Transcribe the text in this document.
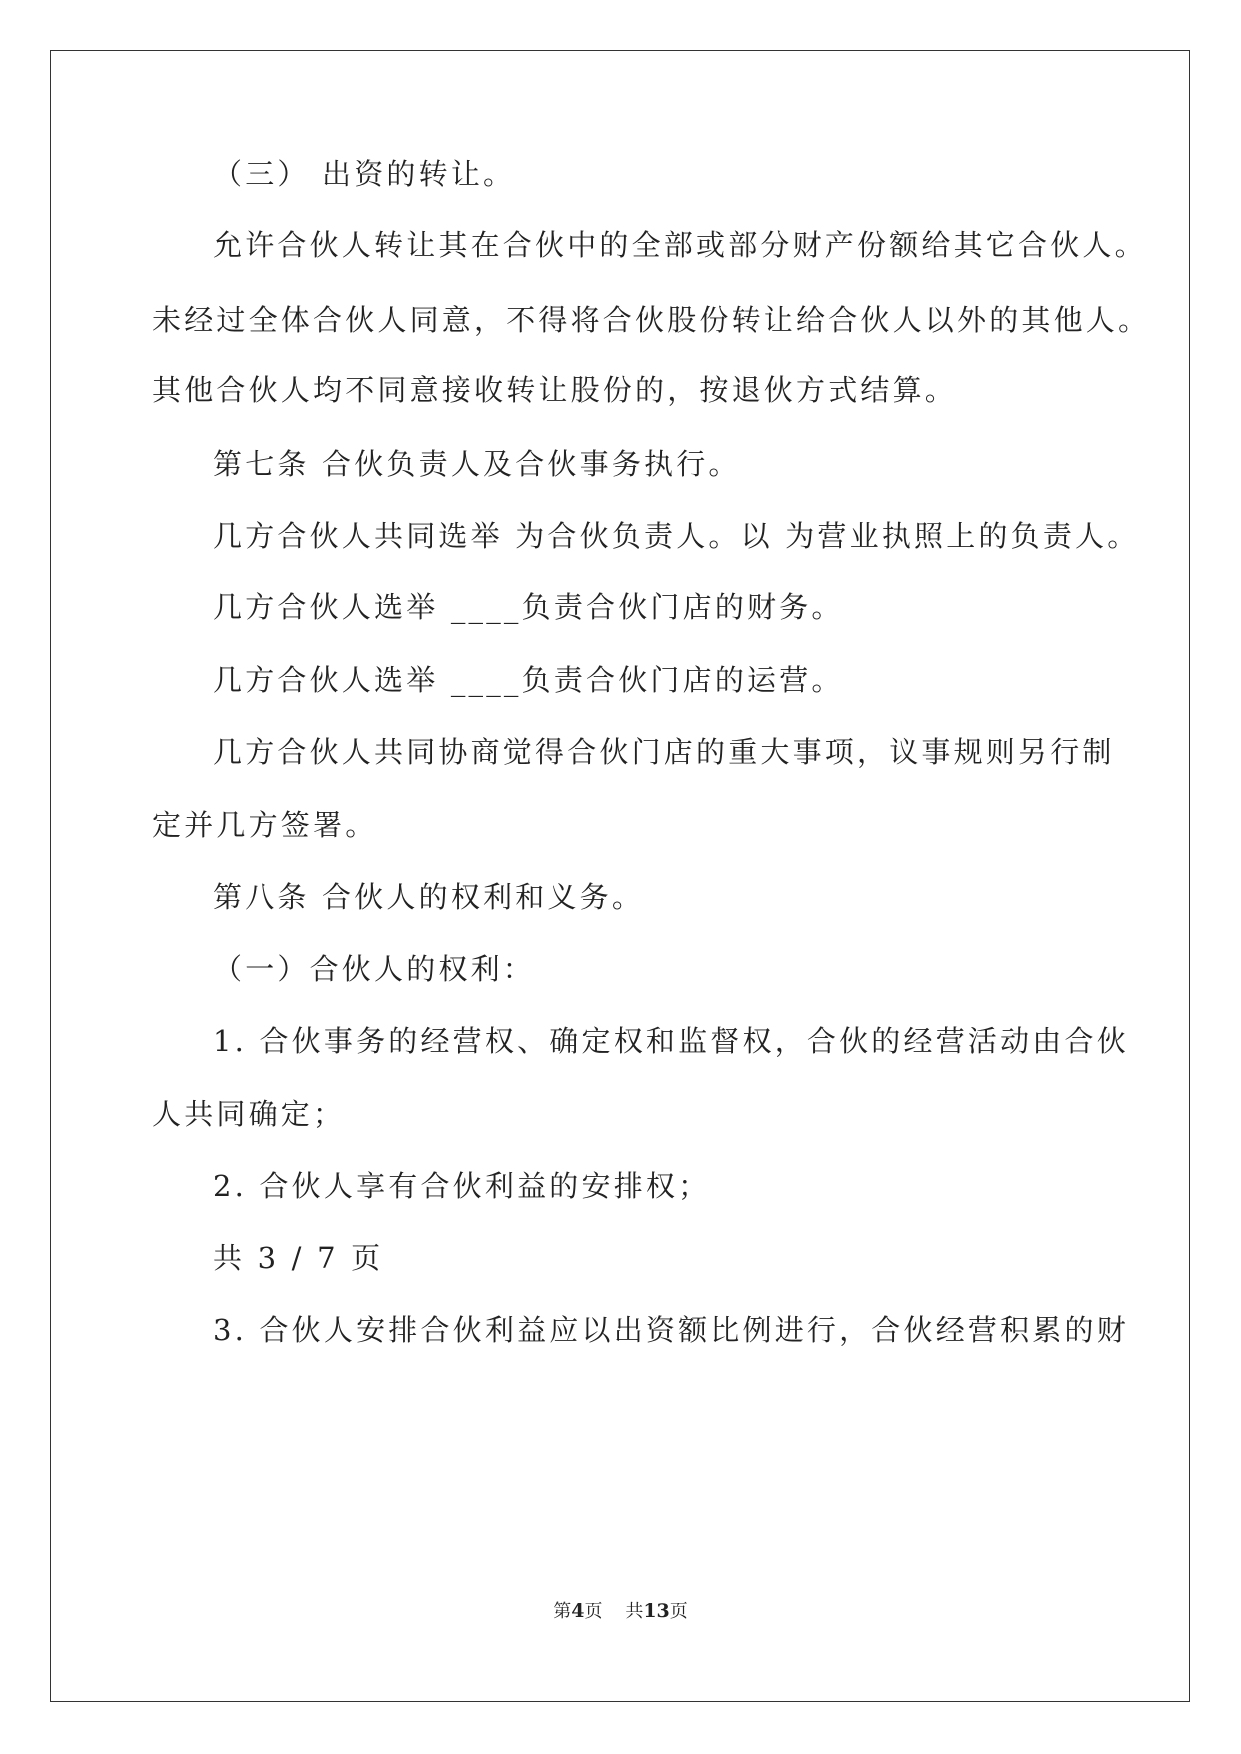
（三） 出资的转让。
允许合伙人转让其在合伙中的全部或部分财产份额给其它合伙人。
未经过全体合伙人同意，不得将合伙股份转让给合伙人以外的其他人。
其他合伙人均不同意接收转让股份的，按退伙方式结算。
第七条 合伙负责人及合伙事务执行。
几方合伙人共同选举 为合伙负责人。以 为营业执照上的负责人。
几方合伙人选举 ____负责合伙门店的财务。
几方合伙人选举 ____负责合伙门店的运营。
几方合伙人共同协商觉得合伙门店的重大事项，议事规则另行制
定并几方签署。
第八条 合伙人的权利和义务。
（一）合伙人的权利：
1. 合伙事务的经营权、确定权和监督权，合伙的经营活动由合伙
人共同确定；
2. 合伙人享有合伙利益的安排权；
共 3 / 7 页
3. 合伙人安排合伙利益应以出资额比例进行，合伙经营积累的财
第4页 共13页
